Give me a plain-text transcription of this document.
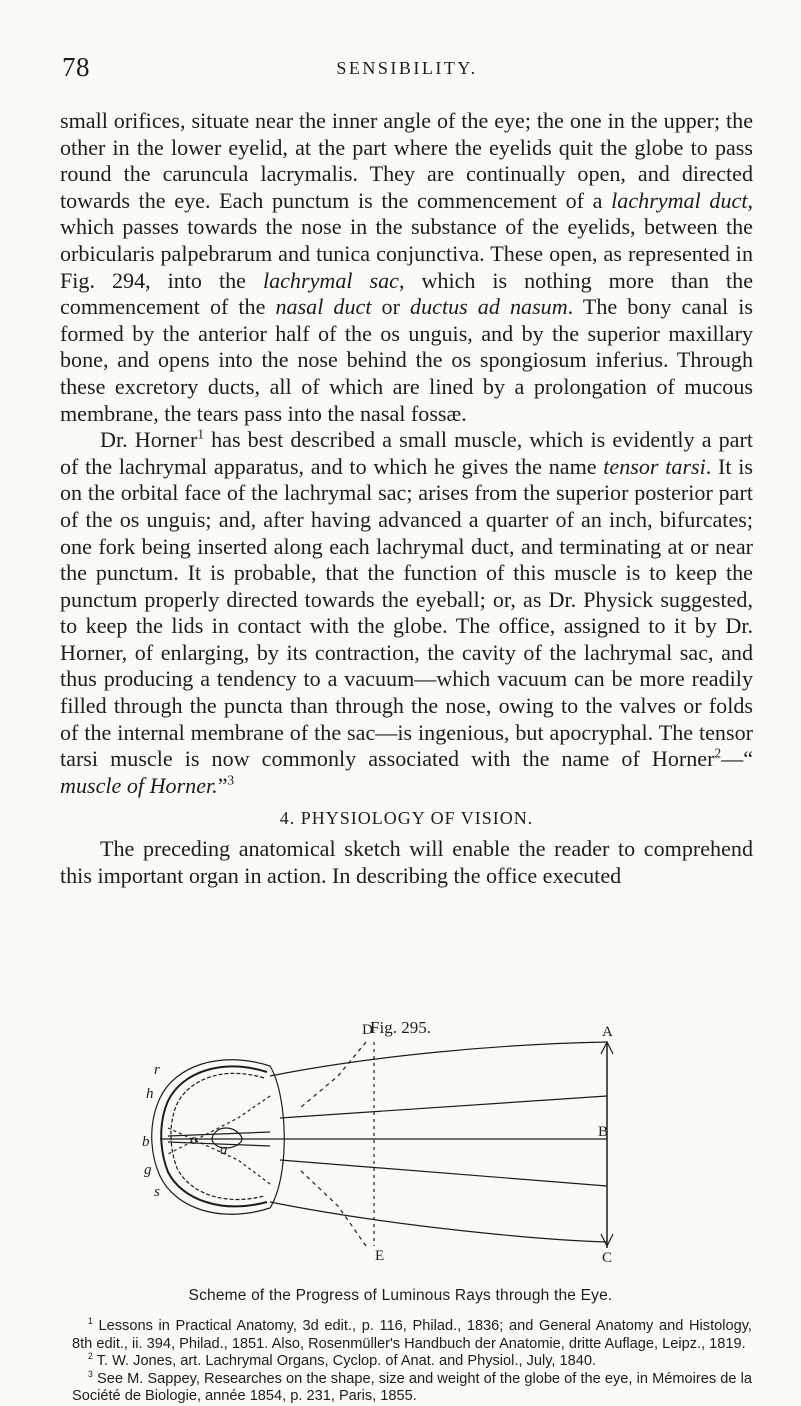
78	SENSIBILITY.

small orifices, situate near the inner angle of the eye; the one in the upper; the other in the lower eyelid, at the part where the eyelids quit the globe to pass round the caruncula lacrymalis. They are continually open, and directed towards the eye. Each punctum is the commencement of a lachrymal duct, which passes towards the nose in the substance of the eyelids, between the orbicularis palpebrarum and tunica conjunctiva. These open, as represented in Fig. 294, into the lachrymal sac, which is nothing more than the commencement of the nasal duct or ductus ad nasum. The bony canal is formed by the anterior half of the os unguis, and by the superior maxillary bone, and opens into the nose behind the os spongiosum inferius. Through these excretory ducts, all of which are lined by a prolongation of mucous membrane, the tears pass into the nasal fossæ.

Dr. Horner$^1$ has best described a small muscle, which is evidently a part of the lachrymal apparatus, and to which he gives the name tensor tarsi. It is on the orbital face of the lachrymal sac; arises from the superior posterior part of the os unguis; and, after having advanced a quarter of an inch, bifurcates; one fork being inserted along each lachrymal duct, and terminating at or near the punctum. It is probable, that the function of this muscle is to keep the punctum properly directed towards the eyeball; or, as Dr. Physick suggested, to keep the lids in contact with the globe. The office, assigned to it by Dr. Horner, of enlarging, by its contraction, the cavity of the lachrymal sac, and thus producing a tendency to a vacuum—which vacuum can be more readily filled through the puncta than through the nose, owing to the valves or folds of the internal membrane of the sac—is ingenious, but apocryphal. The tensor tarsi muscle is now commonly associated with the name of Horner$^2$—“ muscle of Horner.”$^3$

4. PHYSIOLOGY OF VISION.

The preceding anatomical sketch will enable the reader to comprehend this important organ in action. In describing the office executed

Fig. 295.
D	A
B
E	C
h
b
g
s
r
o
a
Scheme of the Progress of Luminous Rays through the Eye.

$^1$ Lessons in Practical Anatomy, 3d edit., p. 116, Philad., 1836; and General Anatomy and Histology, 8th edit., ii. 394, Philad., 1851. Also, Rosenmüller's Handbuch der Anatomie, dritte Auflage, Leipz., 1819.

$^2$ T. W. Jones, art. Lachrymal Organs, Cyclop. of Anat. and Physiol., July, 1840.

$^3$ See M. Sappey, Researches on the shape, size and weight of the globe of the eye, in Mémoires de la Société de Biologie, année 1854, p. 231, Paris, 1855.
